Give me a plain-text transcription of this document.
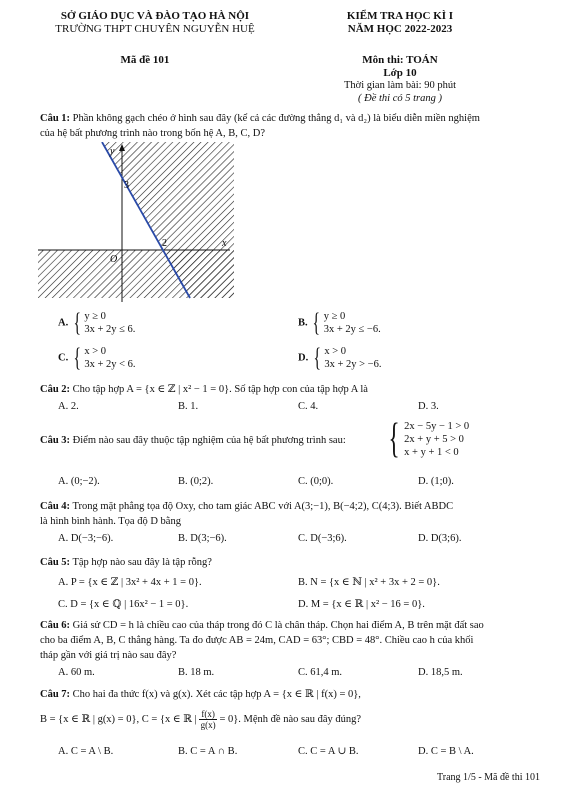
SỞ GIÁO DỤC VÀ ĐÀO TẠO HÀ NỘI
TRƯỜNG THPT CHUYÊN NGUYỄN HUỆ
KIỂM TRA HỌC KÌ I
NĂM HỌC 2022-2023
Mã đề 101	Môn thi: TOÁN
Lớp 10
Thời gian làm bài: 90 phút
( Đề thi có 5 trang )
Câu 1: Phần không gạch chéo ở hình sau đây (kể cả các đường thẳng d₁ và d₂) là biểu diễn miền nghiệm
của hệ bất phương trình nào trong bốn hệ A, B, C, D?
y
x
O
3
2
A. { y ≥ 0
3x + 2y ≤ 6.
B. { y ≥ 0
3x + 2y ≤ −6.
C. { x > 0
3x + 2y < 6.
D. { x > 0
3x + 2y > −6.
Câu 2: Cho tập hợp A = {x ∈ ℤ | x² − 1 = 0}. Số tập hợp con của tập hợp A là
A. 2.	B. 1.	C. 4.	D. 3.
Câu 3: Điểm nào sau đây thuộc tập nghiệm của hệ bất phương trình sau:	{ 2x − 5y − 1 > 0
2x + y + 5 > 0
x + y + 1 < 0
A. (0;−2).	B. (0;2).	C. (0;0).	D. (1;0).
Câu 4: Trong mặt phẳng tọa độ Oxy, cho tam giác ABC với A(3;−1), B(−4;2), C(4;3). Biết ABDC
là hình bình hành. Tọa độ D bằng
A. D(−3;−6).	B. D(3;−6).	C. D(−3;6).	D. D(3;6).
Câu 5: Tập hợp nào sau đây là tập rỗng?
A. P = {x ∈ ℤ | 3x² + 4x + 1 = 0}.	B. N = {x ∈ ℕ | x² + 3x + 2 = 0}.
C. D = {x ∈ ℚ | 16x² − 1 = 0}.	D. M = {x ∈ ℝ | x² − 16 = 0}.
Câu 6: Giả sử CD = h là chiều cao của tháp trong đó C là chân tháp. Chọn hai điểm A, B trên mặt đất sao
cho ba điểm A, B, C thẳng hàng. Ta đo được AB = 24m, CAD = 63°; CBD = 48°. Chiều cao h của khối
tháp gần với giá trị nào sau đây?
A. 60 m.	B. 18 m.	C. 61,4 m.	D. 18,5 m.
Câu 7: Cho hai đa thức f(x) và g(x). Xét các tập hợp A = {x ∈ ℝ | f(x) = 0},
B = {x ∈ ℝ | g(x) = 0}, C = {x ∈ ℝ | $\frac{f(x)}{g(x)} = 0$}. Mệnh đề nào sau đây đúng?
A. C = A \ B.	B. C = A ∩ B.	C. C = A ∪ B.	D. C = B \ A.
Trang 1/5 - Mã đề thi 101
